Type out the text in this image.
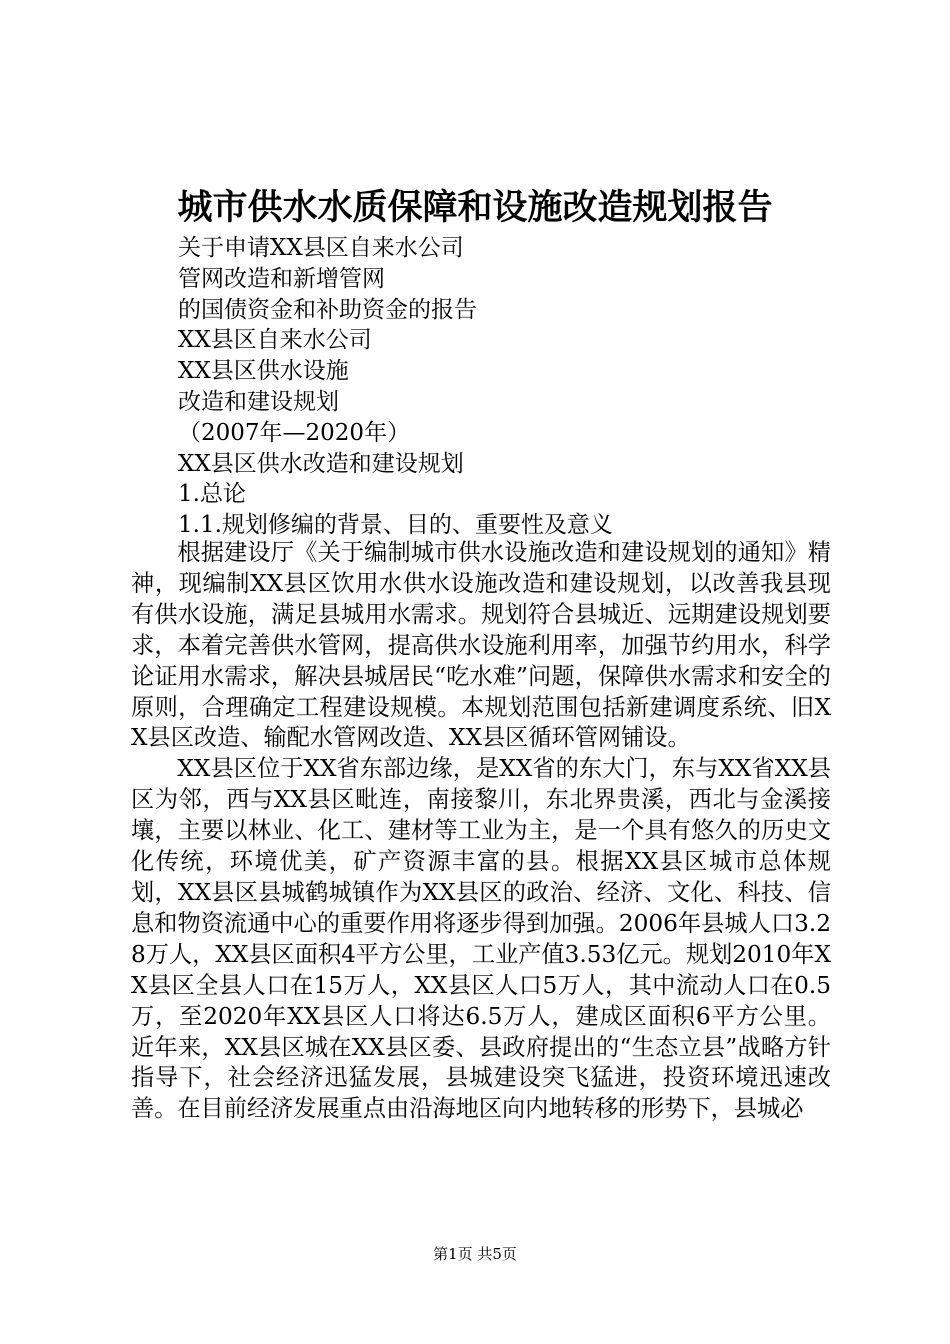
城市供水水质保障和设施改造规划报告
关于申请XX县区自来水公司
管网改造和新增管网
的国债资金和补助资金的报告
XX县区自来水公司
XX县区供水设施
改造和建设规划
（2007年—2020年）
XX县区供水改造和建设规划
1.总论
1.1.规划修编的背景、目的、重要性及意义

根据建设厅《关于编制城市供水设施改造和建设规划的通知》精神，现编制XX县区饮用水供水设施改造和建设规划，以改善我县现有供水设施，满足县城用水需求。规划符合县城近、远期建设规划要求，本着完善供水管网，提高供水设施利用率，加强节约用水，科学论证用水需求，解决县城居民“吃水难”问题，保障供水需求和安全的原则，合理确定工程建设规模。本规划范围包括新建调度系统、旧XX县区改造、输配水管网改造、XX县区循环管网铺设。

XX县区位于XX省东部边缘，是XX省的东大门，东与XX省XX县区为邻，西与XX县区毗连，南接黎川，东北界贵溪，西北与金溪接壤，主要以林业、化工、建材等工业为主，是一个具有悠久的历史文化传统，环境优美，矿产资源丰富的县。根据XX县区城市总体规划，XX县区县城鹤城镇作为XX县区的政治、经济、文化、科技、信息和物资流通中心的重要作用将逐步得到加强。2006年县城人口3.28万人，XX县区面积4平方公里，工业产值3.53亿元。规划2010年XX县区全县人口在15万人，XX县区人口5万人，其中流动人口在0.5万，至2020年XX县区人口将达6.5万人，建成区面积6平方公里。近年来，XX县区城在XX县区委、县政府提出的“生态立县”战略方针指导下，社会经济迅猛发展，县城建设突飞猛进，投资环境迅速改善。在目前经济发展重点由沿海地区向内地转移的形势下，县城必

第1页 共5页
